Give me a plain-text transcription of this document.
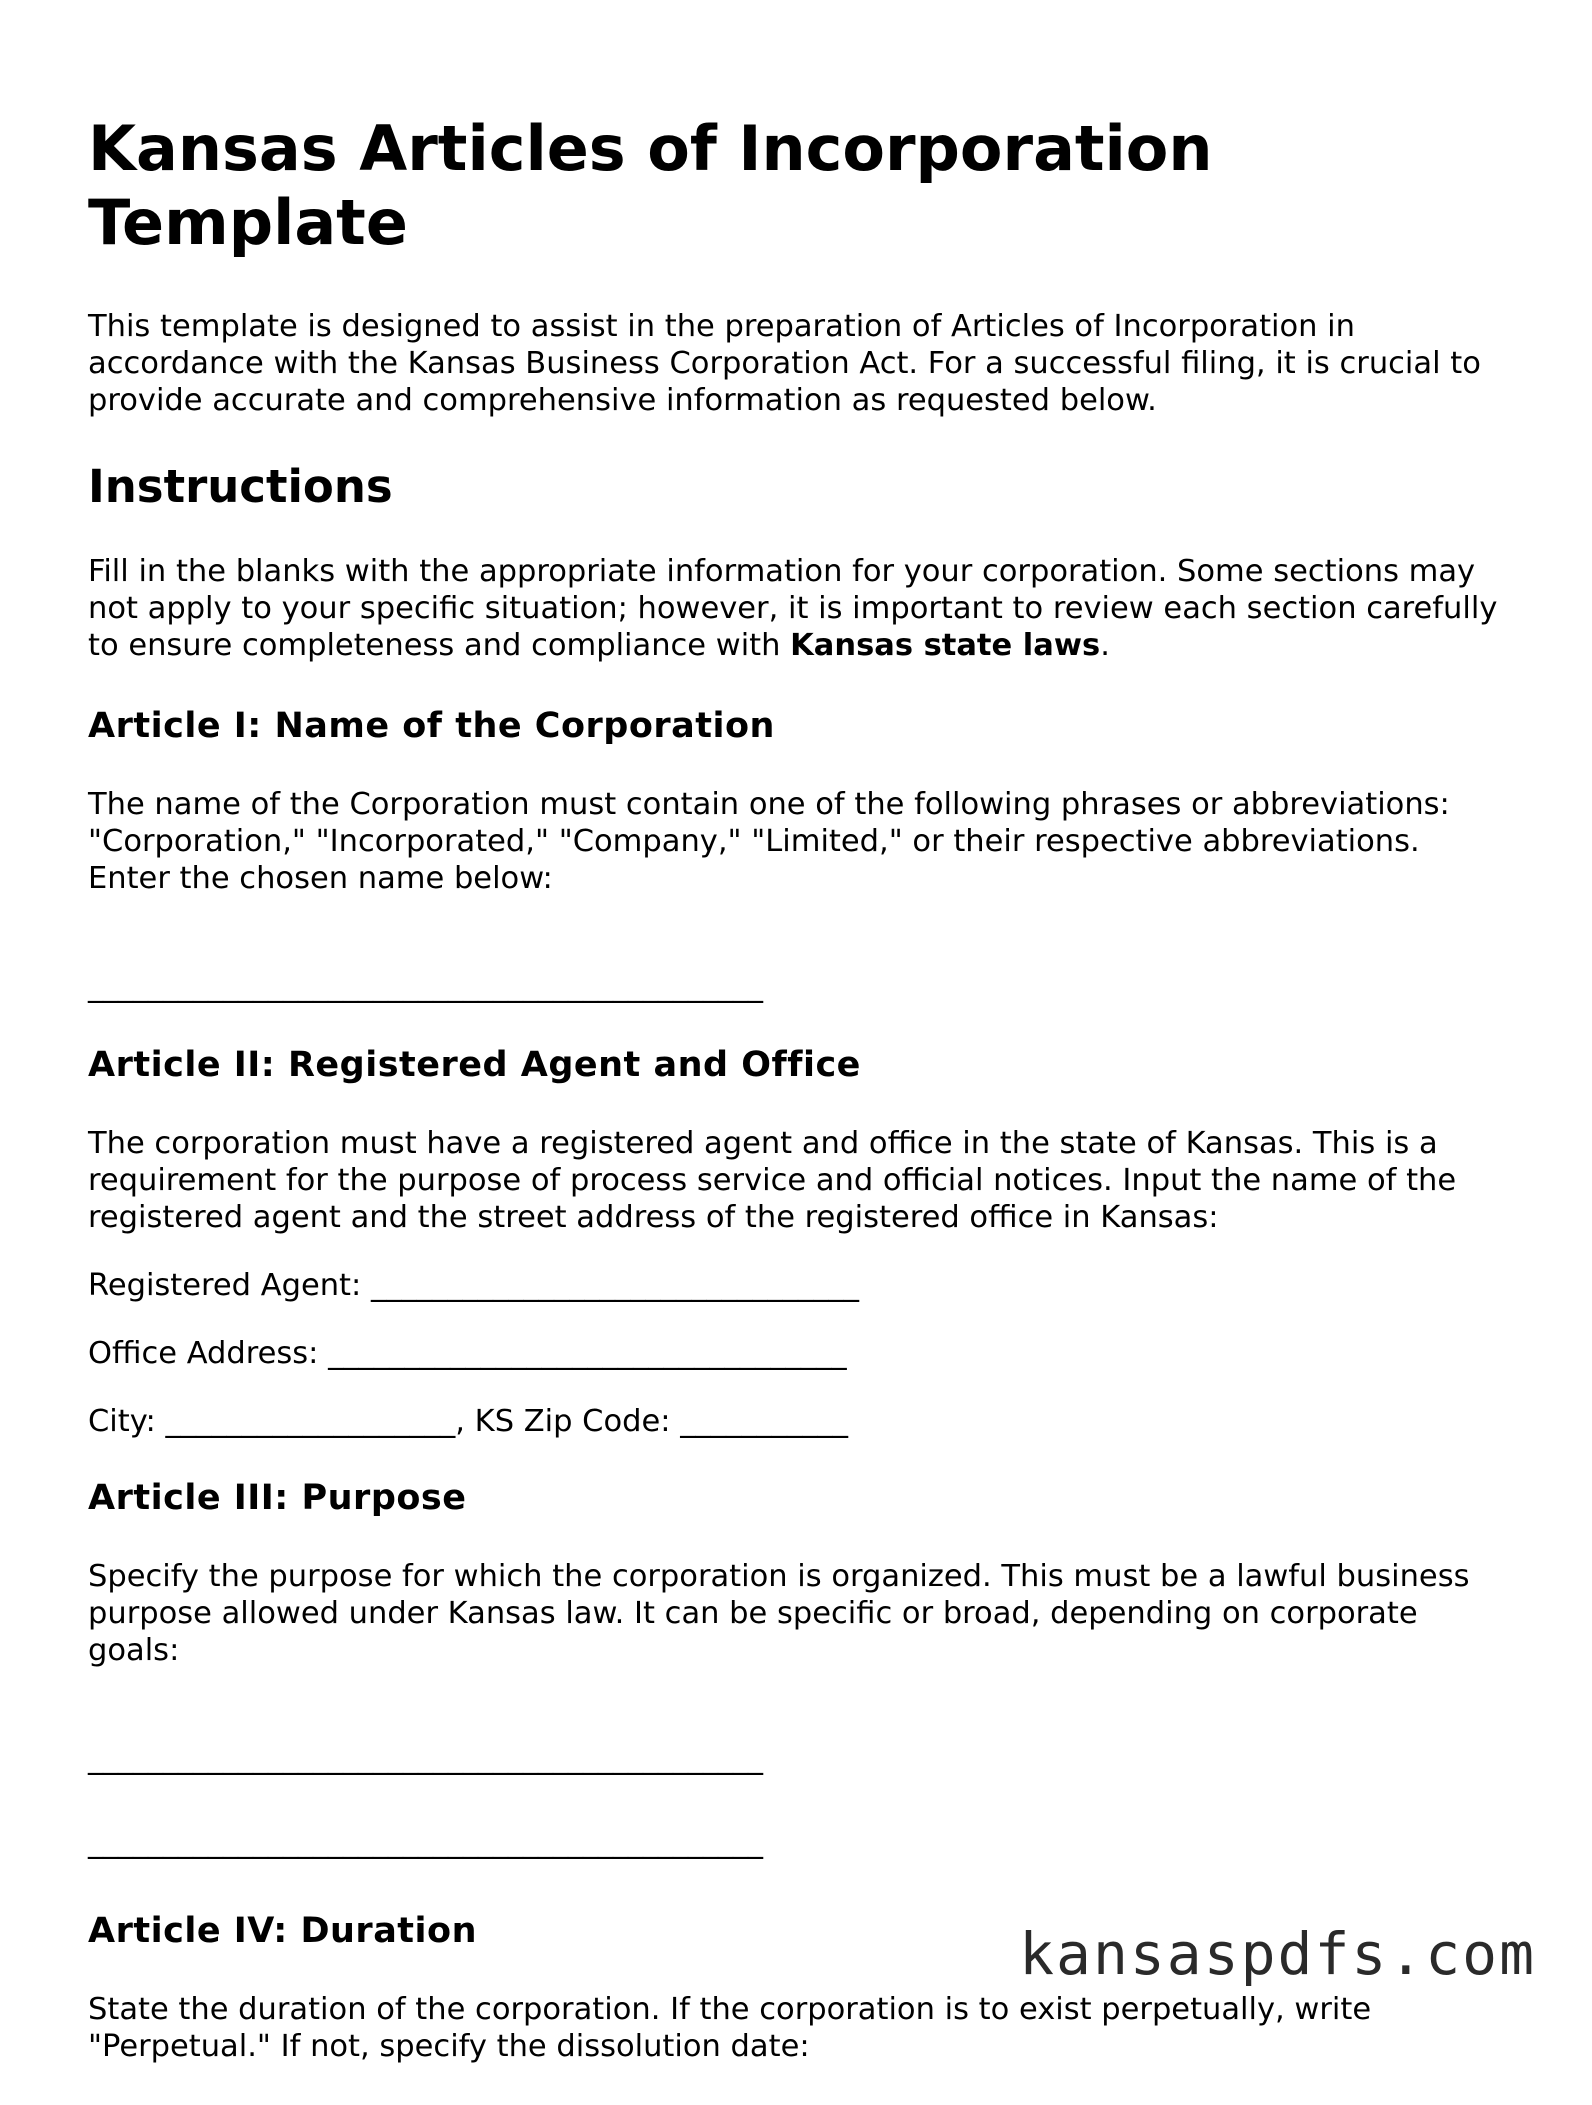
Kansas Articles of Incorporation Template

This template is designed to assist in the preparation of Articles of Incorporation in accordance with the Kansas Business Corporation Act. For a successful filing, it is crucial to provide accurate and comprehensive information as requested below.

Instructions

Fill in the blanks with the appropriate information for your corporation. Some sections may not apply to your specific situation; however, it is important to review each section carefully to ensure completeness and compliance with Kansas state laws.

Article I: Name of the Corporation

The name of the Corporation must contain one of the following phrases or abbreviations: "Corporation," "Incorporated," "Company," "Limited," or their respective abbreviations. Enter the chosen name below:

_____________________________________________
Article II: Registered Agent and Office

The corporation must have a registered agent and office in the state of Kansas. This is a requirement for the purpose of process service and official notices. Input the name of the registered agent and the street address of the registered office in Kansas:

Registered Agent: ________________________________
Office Address: __________________________________
City: ___________________, KS Zip Code: ___________
Article III: Purpose

Specify the purpose for which the corporation is organized. This must be a lawful business purpose allowed under Kansas law. It can be specific or broad, depending on corporate goals:

_____________________________________________
_____________________________________________
Article IV: Duration

State the duration of the corporation. If the corporation is to exist perpetually, write "Perpetual." If not, specify the dissolution date:

kansaspdfs.com
